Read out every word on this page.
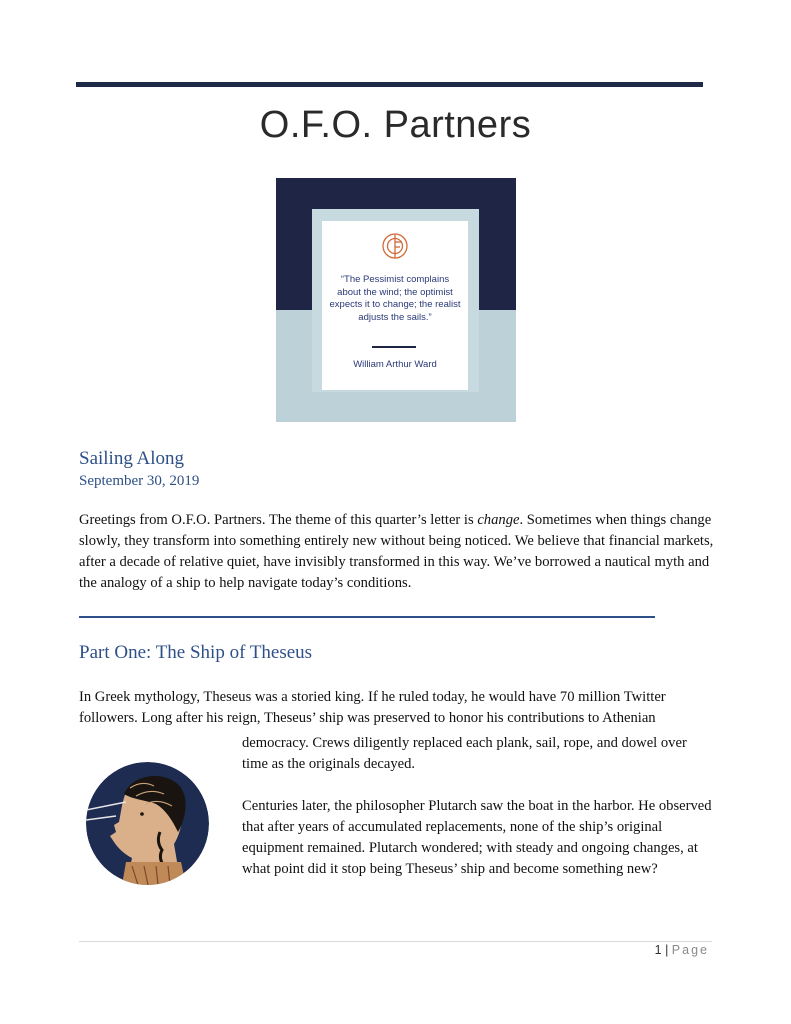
O.F.O. Partners
“The Pessimist complains about the wind; the optimist expects it to change; the realist adjusts the sails.”
William Arthur Ward
Sailing Along
September 30, 2019

Greetings from O.F.O. Partners. The theme of this quarter’s letter is change. Sometimes when things change slowly, they transform into something entirely new without being noticed. We believe that financial markets, after a decade of relative quiet, have invisibly transformed in this way. We’ve borrowed a nautical myth and the analogy of a ship to help navigate today’s conditions.

Part One: The Ship of Theseus

In Greek mythology, Theseus was a storied king. If he ruled today, he would have 70 million Twitter followers. Long after his reign, Theseus’ ship was preserved to honor his contributions to Athenian

democracy. Crews diligently replaced each plank, sail, rope, and dowel over time as the originals decayed.

Centuries later, the philosopher Plutarch saw the boat in the harbor. He observed that after years of accumulated replacements, none of the ship’s original equipment remained. Plutarch wondered; with steady and ongoing changes, at what point did it stop being Theseus’ ship and become something new?

1 | Page
